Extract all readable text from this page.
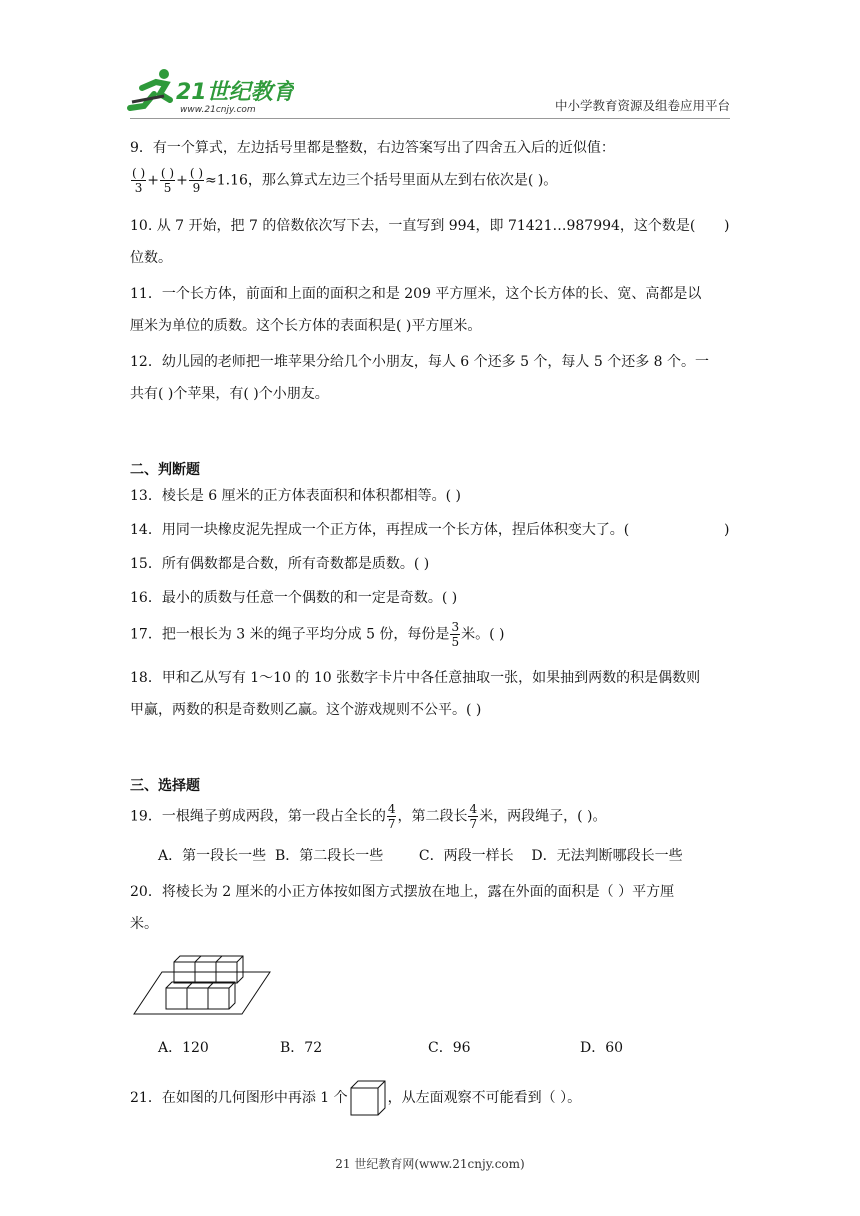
21世纪教育
www.21cnjy.com	中小学教育资源及组卷应用平台
9．有一个算式，左边括号里都是整数，右边答案写出了四舍五入后的近似值：
$\frac{( )}{3} + \frac{( )}{5} + \frac{( )}{9} \approx 1.16$，那么算式左边三个括号里面从左到右依次是( )。
10. 从 7 开始，把 7 的倍数依次写下去，一直写到 994，即 71421…987994，这个数是( )
位数。
11．一个长方体，前面和上面的面积之和是 209 平方厘米，这个长方体的长、宽、高都是以
厘米为单位的质数。这个长方体的表面积是( )平方厘米。
12．幼儿园的老师把一堆苹果分给几个小朋友，每人 6 个还多 5 个，每人 5 个还多 8 个。一
共有( )个苹果，有( )个小朋友。
二、判断题
13．棱长是 6 厘米的正方体表面积和体积都相等。( )
14．用同一块橡皮泥先捏成一个正方体，再捏成一个长方体，捏后体积变大了。(	)
15．所有偶数都是合数，所有奇数都是质数。( )
16．最小的质数与任意一个偶数的和一定是奇数。( )
17．把一根长为 3 米的绳子平均分成 5 份，每份是 $\frac{3}{5}$ 米。( )
18．甲和乙从写有 1～10 的 10 张数字卡片中各任意抽取一张，如果抽到两数的积是偶数则
甲赢，两数的积是奇数则乙赢。这个游戏规则不公平。( )
三、选择题
19．一根绳子剪成两段，第一段占全长的 $\frac{4}{7}$ ，第二段长 $\frac{4}{7}$ 米，两段绳子，( )。
A．第一段长一些  B．第二段长一些        C．两段一样长    D．无法判断哪段长一些
20．将棱长为 2 厘米的小正方体按如图方式摆放在地上，露在外面的面积是（ ）平方厘
米。
A．120	B．72	C．96	D．60
21．在如图的几何图形中再添 1 个	，从左面观察不可能看到（ ）。
21 世纪教育网(www.21cnjy.com)
